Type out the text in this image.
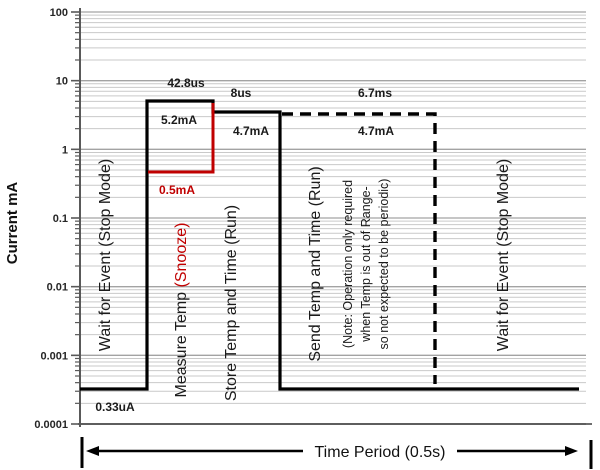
100
10
1
0.1
0.01
0.001
0.0001
42.8us
8us	6.7ms
5.2mA
4.7mA	4.7mA
0.5mA
0.33uA
Wait for Event (Stop Mode)	Measure Temp (Snooze) Store Temp and Time (Run)	Send Temp and Time (Run) (Note: Operation only required when Temp is out of Range- so not expected to be periodic)	Wait for Event (Stop Mode)
Current mA
Time Period (0.5s)
